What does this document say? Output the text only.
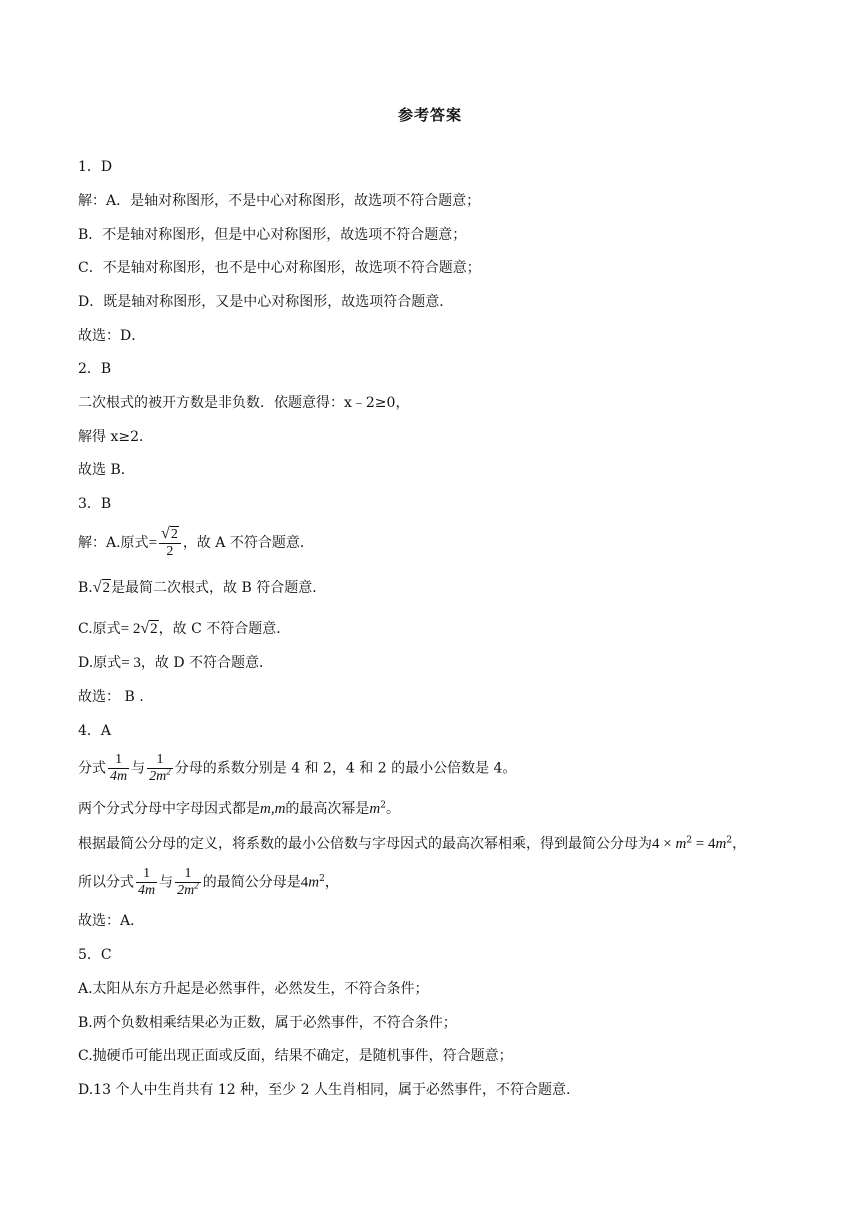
参考答案
1．D
解：A．是轴对称图形，不是中心对称图形，故选项不符合题意；
B．不是轴对称图形，但是中心对称图形，故选项不符合题意；
C．不是轴对称图形，也不是中心对称图形，故选项不符合题意；
D．既是轴对称图形，又是中心对称图形，故选项符合题意．
故选：D．
2．B
二次根式的被开方数是非负数．依题意得：x﹣2≥0，
解得 x≥2．
故选 B．
3．B
解：A.原式= $\frac{√2}{2}$ ，故 A 不符合题意．
B.√2是最简二次根式，故 B 符合题意．
C.原式= 2√2，故 C 不符合题意．
D.原式= 3，故 D 不符合题意．
故选： B .
4．A
分式 $\frac{1}{4m}$ 与 $\frac{1}{2m^2}$ 分母的系数分别是 4 和 2，4 和 2 的最小公倍数是 4。
两个分式分母中字母因式都是m,m的最高次幂是$m^2$。
根据最简公分母的定义，将系数的最小公倍数与字母因式的最高次幂相乘，得到最简公分母为$4 \times m^2 = 4m^2$，
所以分式 $\frac{1}{4m}$ 与 $\frac{1}{2m^2}$ 的最简公分母是$4m^2$，
故选：A．
5．C
A.太阳从东方升起是必然事件，必然发生，不符合条件；
B.两个负数相乘结果必为正数，属于必然事件，不符合条件；
C.抛硬币可能出现正面或反面，结果不确定，是随机事件，符合题意；
D.13 个人中生肖共有 12 种，至少 2 人生肖相同，属于必然事件，不符合题意.
